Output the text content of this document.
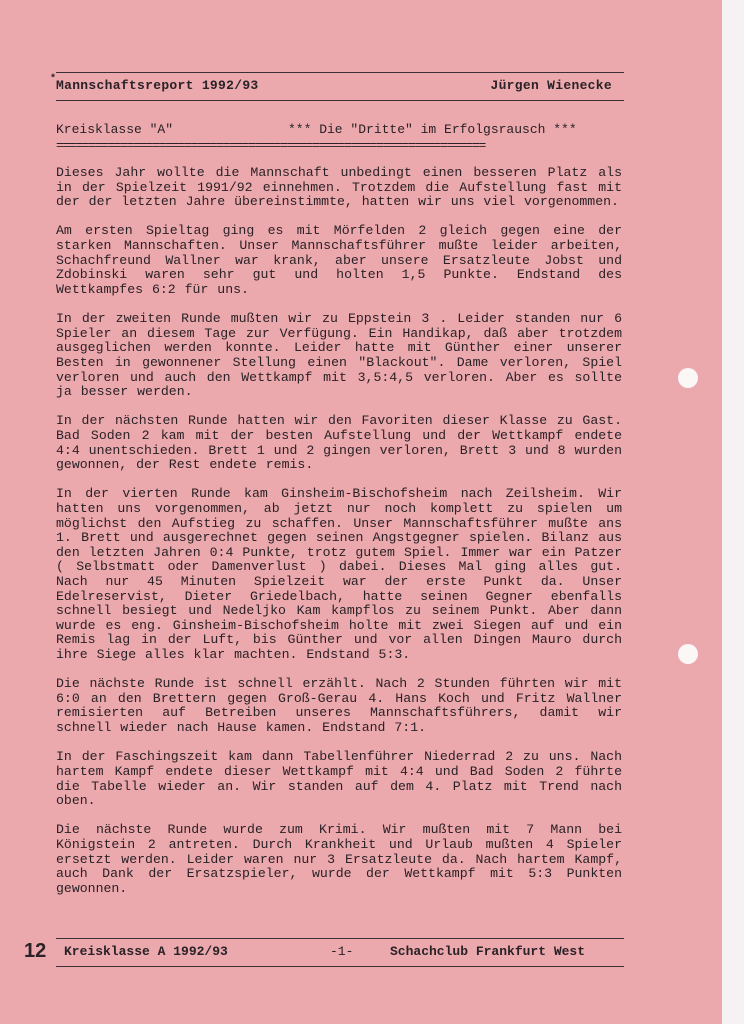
* Mannschaftsreport 1992/93	Jürgen Wienecke
Kreisklasse "A"	*** Die "Dritte" im Erfolgsrausch ***
===================================================================

Dieses Jahr wollte die Mannschaft unbedingt einen besseren Platz als in der Spielzeit 1991/92 einnehmen. Trotzdem die Aufstellung fast mit der der letzten Jahre übereinstimmte, hatten wir uns viel vorgenommen.

Am ersten Spieltag ging es mit Mörfelden 2 gleich gegen eine der starken Mannschaften. Unser Mannschaftsführer mußte leider arbeiten, Schachfreund Wallner war krank, aber unsere Ersatzleute Jobst und Zdobinski waren sehr gut und holten 1,5 Punkte. Endstand des Wettkampfes 6:2 für uns.

In der zweiten Runde mußten wir zu Eppstein 3 . Leider standen nur 6 Spieler an diesem Tage zur Verfügung. Ein Handikap, daß aber trotzdem ausgeglichen werden konnte. Leider hatte mit Günther einer unserer Besten in gewonnener Stellung einen "Blackout". Dame verloren, Spiel verloren und auch den Wettkampf mit 3,5:4,5 verloren. Aber es sollte ja besser werden.

In der nächsten Runde hatten wir den Favoriten dieser Klasse zu Gast. Bad Soden 2 kam mit der besten Aufstellung und der Wettkampf endete 4:4 unentschieden. Brett 1 und 2 gingen verloren, Brett 3 und 8 wurden gewonnen, der Rest endete remis.

In der vierten Runde kam Ginsheim-Bischofsheim nach Zeilsheim. Wir hatten uns vorgenommen, ab jetzt nur noch komplett zu spielen um möglichst den Aufstieg zu schaffen. Unser Mannschaftsführer mußte ans 1. Brett und ausgerechnet gegen seinen Angstgegner spielen. Bilanz aus den letzten Jahren 0:4 Punkte, trotz gutem Spiel. Immer war ein Patzer ( Selbstmatt oder Damenverlust ) dabei. Dieses Mal ging alles gut. Nach nur 45 Minuten Spielzeit war der erste Punkt da. Unser Edelreservist, Dieter Griedelbach, hatte seinen Gegner ebenfalls schnell besiegt und Nedeljko Kam kampflos zu seinem Punkt. Aber dann wurde es eng. Ginsheim-Bischofsheim holte mit zwei Siegen auf und ein Remis lag in der Luft, bis Günther und vor allen Dingen Mauro durch ihre Siege alles klar machten. Endstand 5:3.

Die nächste Runde ist schnell erzählt. Nach 2 Stunden führten wir mit 6:0 an den Brettern gegen Groß-Gerau 4. Hans Koch und Fritz Wallner remisierten auf Betreiben unseres Mannschaftsführers, damit wir schnell wieder nach Hause kamen. Endstand 7:1.

In der Faschingszeit kam dann Tabellenführer Niederrad 2 zu uns. Nach hartem Kampf endete dieser Wettkampf mit 4:4 und Bad Soden 2 führte die Tabelle wieder an. Wir standen auf dem 4. Platz mit Trend nach oben.

Die nächste Runde wurde zum Krimi. Wir mußten mit 7 Mann bei Königstein 2 antreten. Durch Krankheit und Urlaub mußten 4 Spieler ersetzt werden. Leider waren nur 3 Ersatzleute da. Nach hartem Kampf, auch Dank der Ersatzspieler, wurde der Wettkampf mit 5:3 Punkten gewonnen.

12 Kreisklasse A 1992/93	-1-	Schachclub Frankfurt West
